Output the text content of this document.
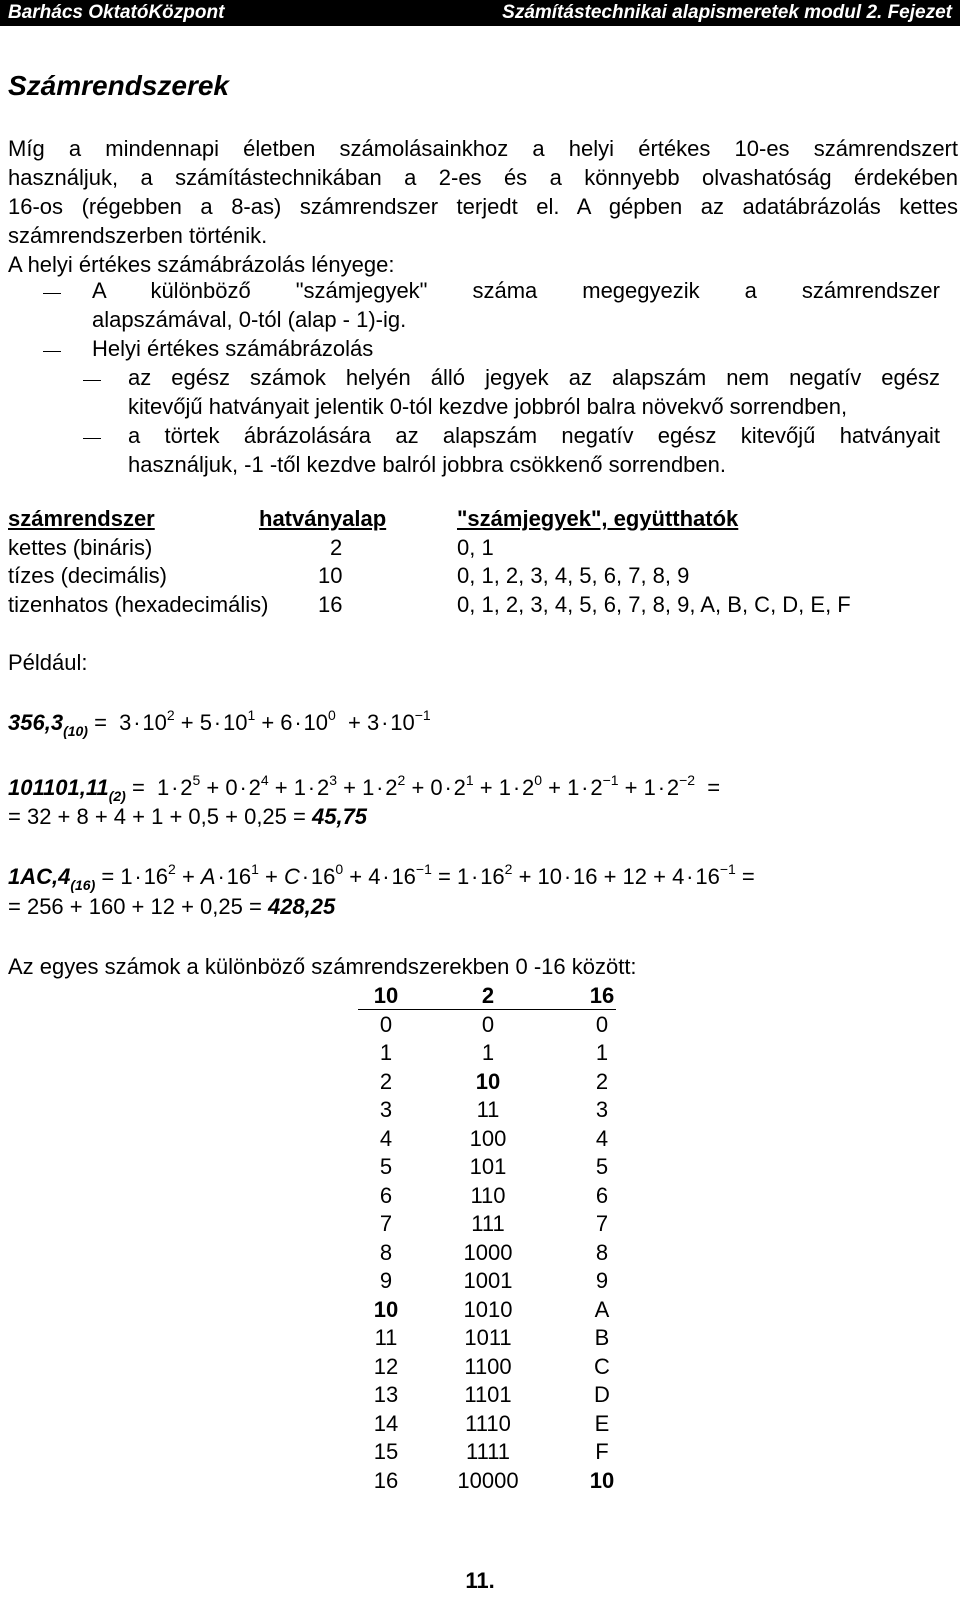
Barhács OktatóKözpont	Számítástechnikai alapismeretek modul 2. Fejezet
Számrendszerek
Míg a mindennapi életben számolásainkhoz a helyi értékes 10-es számrendszert
használjuk, a számítástechnikában a 2-es és a könnyebb olvashatóság érdekében
16-os (régebben a 8-as) számrendszer terjedt el. A gépben az adatábrázolás kettes
számrendszerben történik.
A helyi értékes számábrázolás lényege:
A különböző "számjegyek" száma megegyezik a számrendszer
alapszámával, 0-tól (alap - 1)-ig.
Helyi értékes számábrázolás
az egész számok helyén álló jegyek az alapszám nem negatív egész
kitevőjű hatványait jelentik 0-tól kezdve jobbról balra növekvő sorrendben,
a törtek ábrázolására az alapszám negatív egész kitevőjű hatványait
használjuk, -1 -től kezdve balról jobbra csökkenő sorrendben.
számrendszer	hatványalap	"számjegyek", együtthatók
kettes (bináris)	2	0, 1
tízes (decimális)	10	0, 1, 2, 3, 4, 5, 6, 7, 8, 9
tizenhatos (hexadecimális) 16	0, 1, 2, 3, 4, 5, 6, 7, 8, 9, A, B, C, D, E, F
Például:
$356,3_{(10)} = 3$ · $10^2 + 5$ · $10^1 + 6$ · $10^0 + 3$ · $10^{-1}$
$101101,11_{(2)} = 1$ · $2^5 + 0$ · $2^4 + 1$ · $2^3 + 1$ · $2^2 + 0$ · $2^1 + 1$ · $2^0 + 1$ · $2^{-1} + 1$ · $2^{-2}$  =
= 32 + 8 + 4 + 1 + 0,5 + 0,25 = 45,75
$1AC,4_{(16)} = 1$ · $16^2 + A$ · $16^1 + C$ · $16^0 + 4$ · $16^{-1} = 1$ · $16^2 + 10$ · 16 + 12 + 4 · $16^{-1}$ =
= 256 + 160 + 12 + 0,25 = 428,25
Az egyes számok a különböző számrendszerekben 0 -16 között:
10	2	16
0	0	0
1	1	1
2	10	2
3	11	3
4	100	4
5	101	5
6	110	6
7	111	7
8	1000	8
9	1001	9
10	1010	A
11	1011	B
12	1100	C
13	1101	D
14	1110	E
15	1111	F
16	10000	10
11.
